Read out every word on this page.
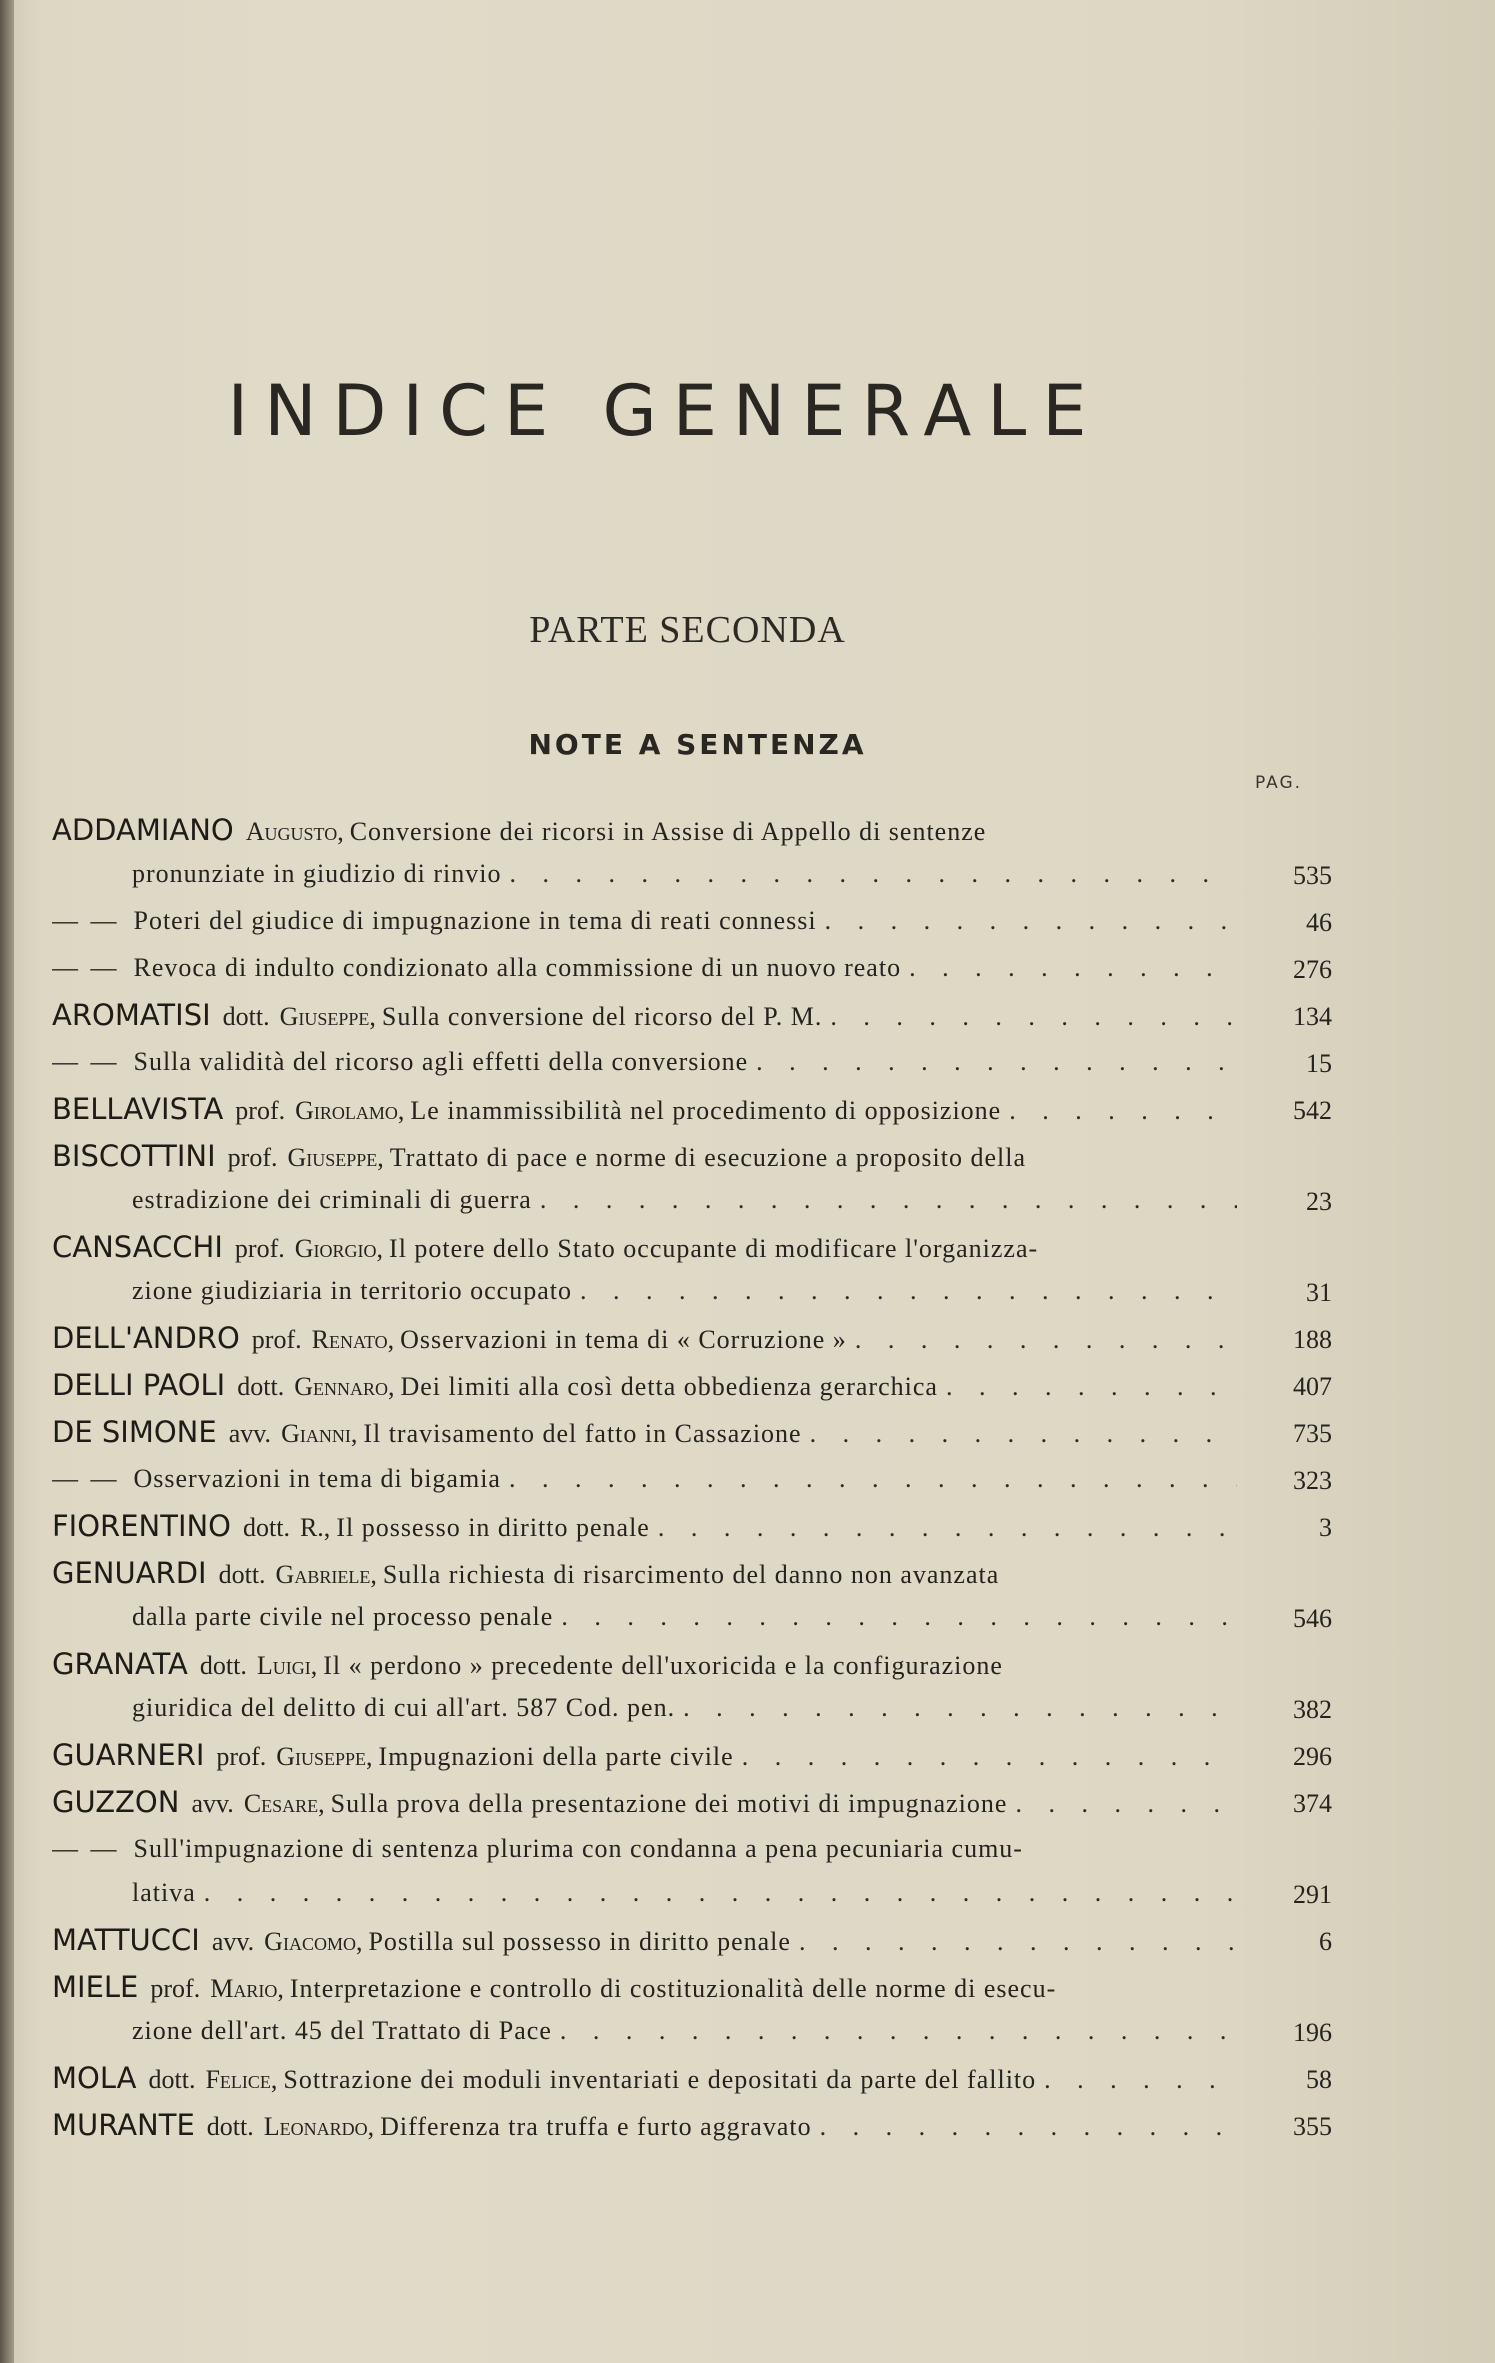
INDICE GENERALE
PARTE SECONDA
NOTE A SENTENZA
PAG.
ADDAMIANO Augusto, Conversione dei ricorsi in Assise di Appello di sentenze
pronunziate in giudizio di rinvio . . .	535
— — Poteri del giudice di impugnazione in tema di reati connessi . . .	46
— — Revoca di indulto condizionato alla commissione di un nuovo reato . . .	276
AROMATISI dott. Giuseppe, Sulla conversione del ricorso del P. M. . . .	134
— — Sulla validità del ricorso agli effetti della conversione . . .	15
BELLAVISTA prof. Girolamo, Le inammissibilità nel procedimento di opposizione . . .	542
BISCOTTINI prof. Giuseppe, Trattato di pace e norme di esecuzione a proposito della
estradizione dei criminali di guerra . . .	23
CANSACCHI prof. Giorgio, Il potere dello Stato occupante di modificare l'organizza-
zione giudiziaria in territorio occupato . . .	31
DELL'ANDRO prof. Renato, Osservazioni in tema di « Corruzione » . . .	188
DELLI PAOLI dott. Gennaro, Dei limiti alla così detta obbedienza gerarchica . . .	407
DE SIMONE avv. Gianni, Il travisamento del fatto in Cassazione . . .	735
— — Osservazioni in tema di bigamia . . .	323
FIORENTINO dott. R., Il possesso in diritto penale . . .	3
GENUARDI dott. Gabriele, Sulla richiesta di risarcimento del danno non avanzata
dalla parte civile nel processo penale . . .	546
GRANATA dott. Luigi, Il « perdono » precedente dell'uxoricida e la configurazione
giuridica del delitto di cui all'art. 587 Cod. pen. . . .	382
GUARNERI prof. Giuseppe, Impugnazioni della parte civile . . .	296
GUZZON avv. Cesare, Sulla prova della presentazione dei motivi di impugnazione . . .	374
— — Sull'impugnazione di sentenza plurima con condanna a pena pecuniaria cumu-
lativa . . .	291
MATTUCCI avv. Giacomo, Postilla sul possesso in diritto penale . . .	6
MIELE prof. Mario, Interpretazione e controllo di costituzionalità delle norme di esecu-
zione dell'art. 45 del Trattato di Pace . . .	196
MOLA dott. Felice, Sottrazione dei moduli inventariati e depositati da parte del fallito . . .	58
MURANTE dott. Leonardo, Differenza tra truffa e furto aggravato . . .	355
